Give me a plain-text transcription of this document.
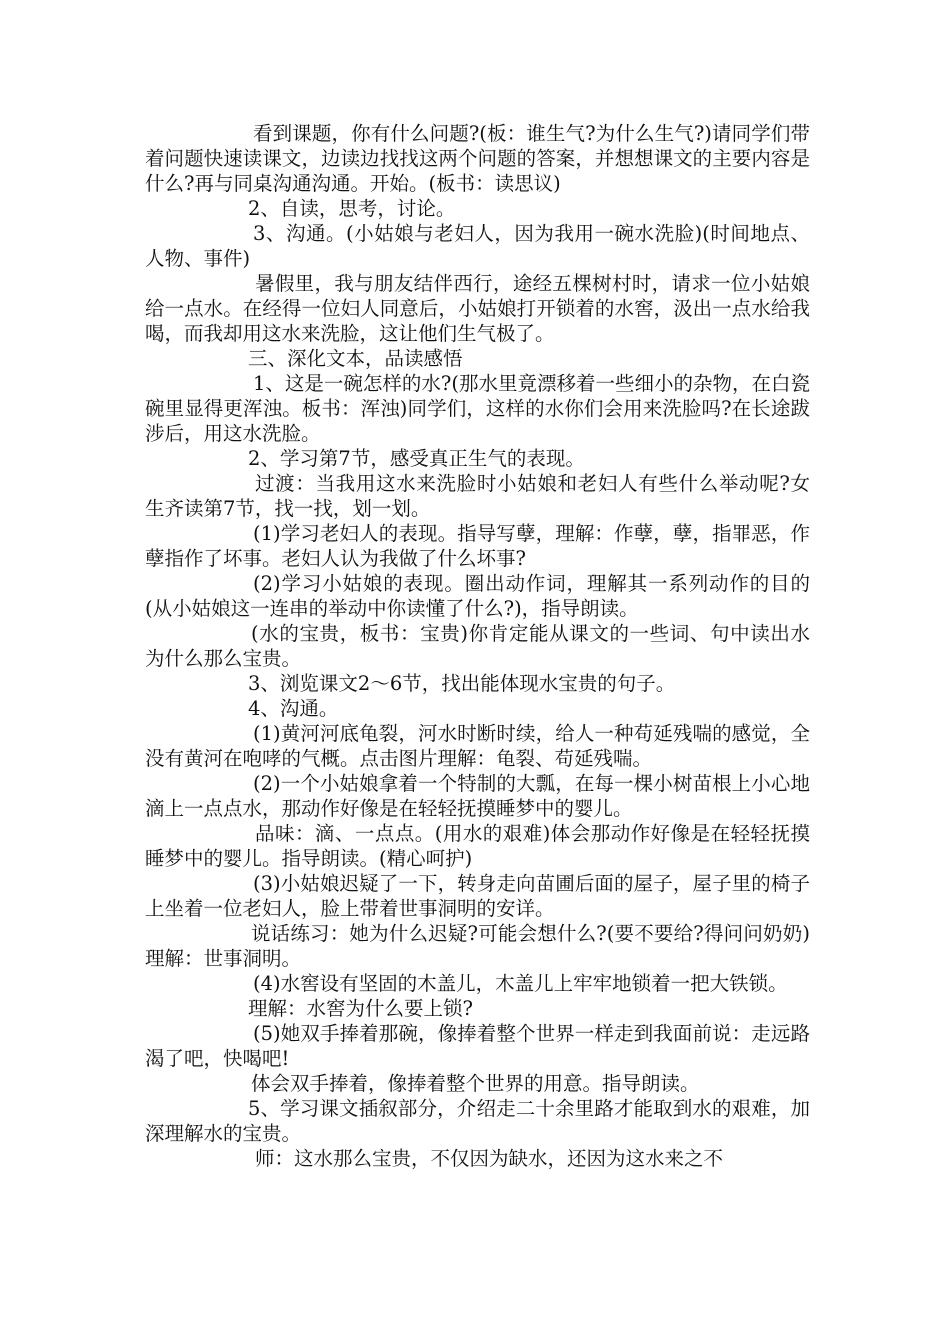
看到课题，你有什么问题?(板：谁生气?为什么生气?)请同学们带着问题快速读课文，边读边找找这两个问题的答案，并想想课文的主要内容是什么?再与同桌沟通沟通。开始。(板书：读思议)

2、自读，思考，讨论。

3、沟通。(小姑娘与老妇人，因为我用一碗水洗脸)(时间地点、人物、事件)

暑假里，我与朋友结伴西行，途经五棵树村时，请求一位小姑娘给一点水。在经得一位妇人同意后，小姑娘打开锁着的水窖，汲出一点水给我喝，而我却用这水来洗脸，这让他们生气极了。

三、深化文本，品读感悟

1、这是一碗怎样的水?(那水里竟漂移着一些细小的杂物，在白瓷碗里显得更浑浊。板书：浑浊)同学们，这样的水你们会用来洗脸吗?在长途跋涉后，用这水洗脸。

2、学习第7节，感受真正生气的表现。

过渡：当我用这水来洗脸时小姑娘和老妇人有些什么举动呢?女生齐读第7节，找一找，划一划。

(1)学习老妇人的表现。指导写孽，理解：作孽，孽，指罪恶，作孽指作了坏事。老妇人认为我做了什么坏事?

(2)学习小姑娘的表现。圈出动作词，理解其一系列动作的目的(从小姑娘这一连串的举动中你读懂了什么?)，指导朗读。

(水的宝贵，板书：宝贵)你肯定能从课文的一些词、句中读出水为什么那么宝贵。

3、浏览课文2～6节，找出能体现水宝贵的句子。

4、沟通。

(1)黄河河底龟裂，河水时断时续，给人一种苟延残喘的感觉，全没有黄河在咆哮的气概。点击图片理解：龟裂、苟延残喘。

(2)一个小姑娘拿着一个特制的大瓢，在每一棵小树苗根上小心地滴上一点点水，那动作好像是在轻轻抚摸睡梦中的婴儿。

品味：滴、一点点。(用水的艰难)体会那动作好像是在轻轻抚摸睡梦中的婴儿。指导朗读。(精心呵护)

(3)小姑娘迟疑了一下，转身走向苗圃后面的屋子，屋子里的椅子上坐着一位老妇人，脸上带着世事洞明的安详。

说话练习：她为什么迟疑?可能会想什么?(要不要给?得问问奶奶)理解：世事洞明。

(4)水窖设有坚固的木盖儿，木盖儿上牢牢地锁着一把大铁锁。

理解：水窖为什么要上锁?

(5)她双手捧着那碗，像捧着整个世界一样走到我面前说：走远路渴了吧，快喝吧!

体会双手捧着，像捧着整个世界的用意。指导朗读。

5、学习课文插叙部分，介绍走二十余里路才能取到水的艰难，加深理解水的宝贵。

师：这水那么宝贵，不仅因为缺水，还因为这水来之不
